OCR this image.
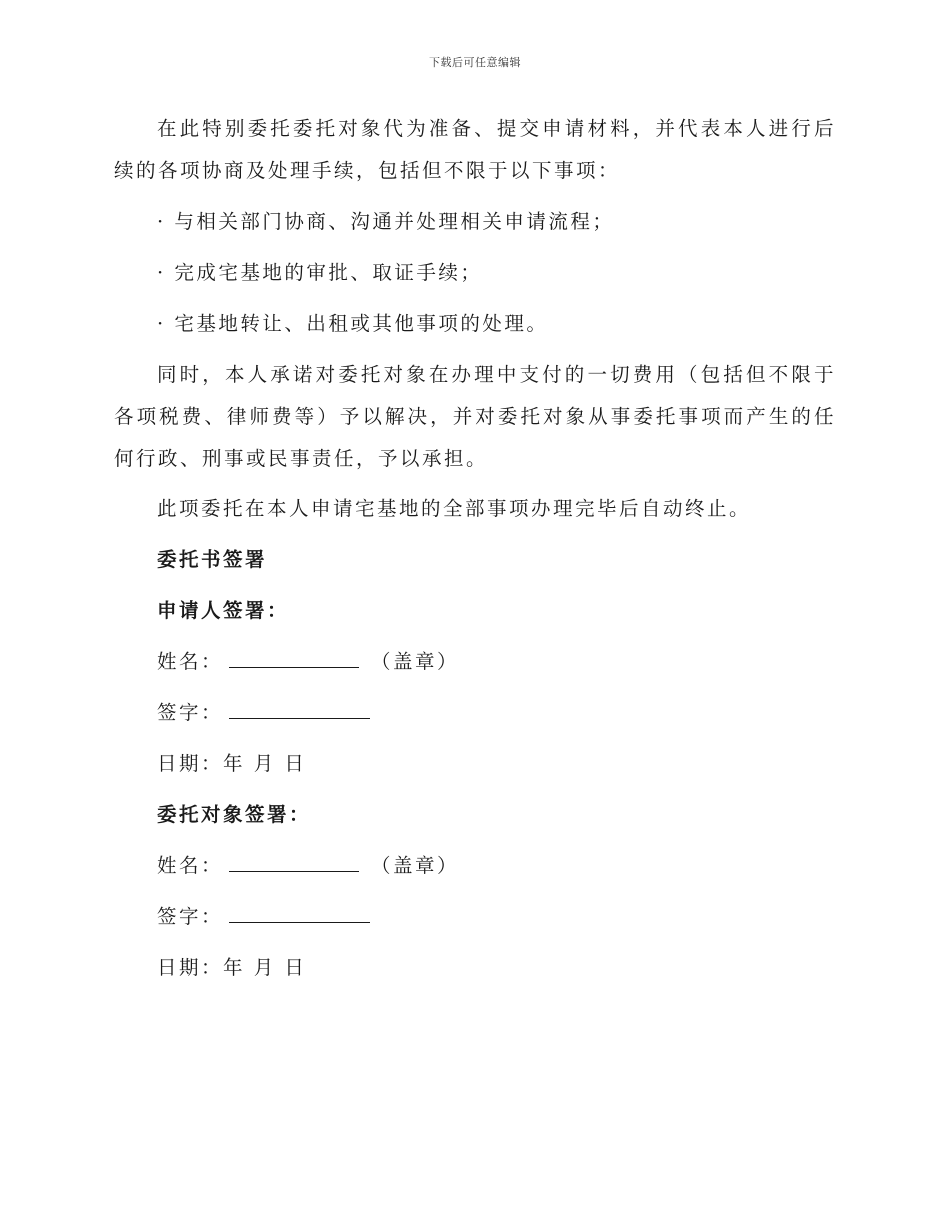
下载后可任意编辑

在此特别委托委托对象代为准备、提交申请材料，并代表本人进行后续的各项协商及处理手续，包括但不限于以下事项：

· 与相关部门协商、沟通并处理相关申请流程；

· 完成宅基地的审批、取证手续；

· 宅基地转让、出租或其他事项的处理。

同时，本人承诺对委托对象在办理中支付的一切费用（包括但不限于各项税费、律师费等）予以解决，并对委托对象从事委托事项而产生的任何行政、刑事或民事责任，予以承担。

此项委托在本人申请宅基地的全部事项办理完毕后自动终止。

委托书签署

申请人签署：

姓名：	（盖章）
签字：
日期：年 月 日

委托对象签署：

姓名：	（盖章）
签字：
日期：年 月 日
